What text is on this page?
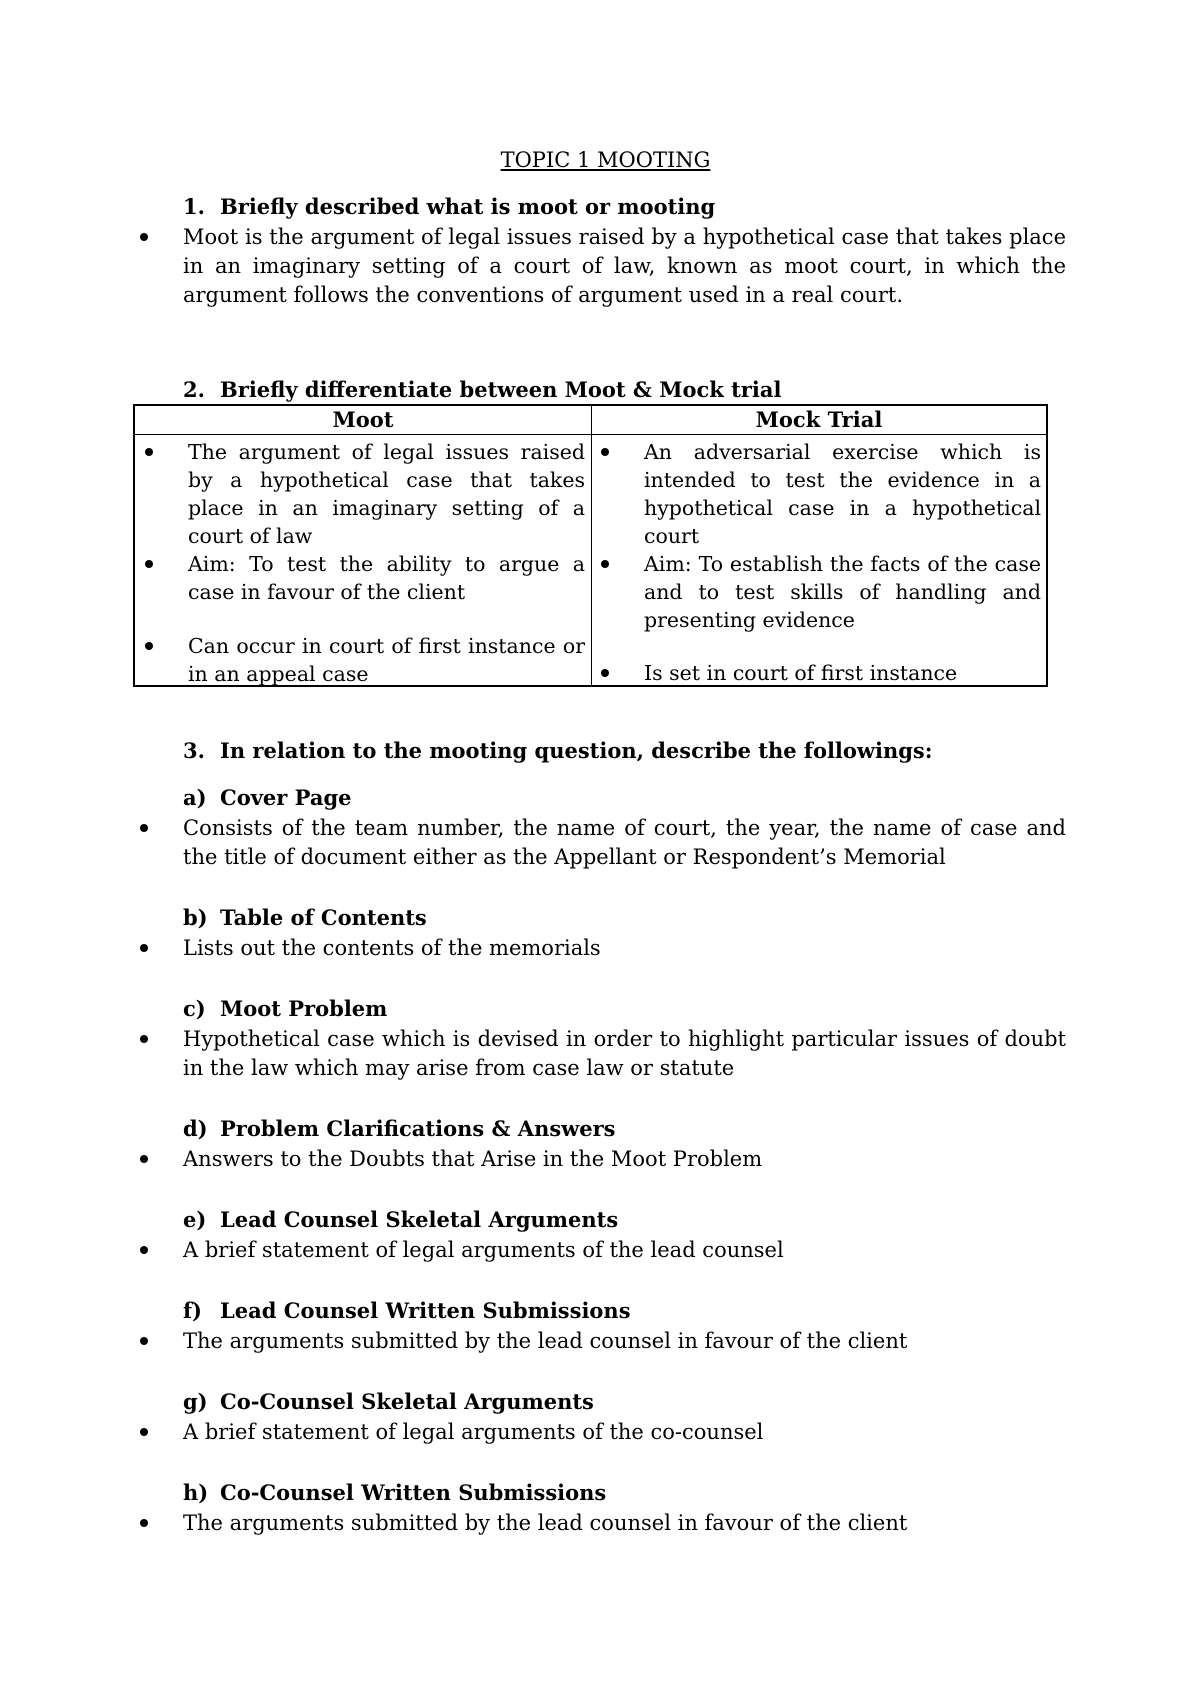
TOPIC 1 MOOTING
1. Briefly described what is moot or mooting
Moot is the argument of legal issues raised by a hypothetical case that takes place in an imaginary setting of a court of law, known as moot court, in which the argument follows the conventions of argument used in a real court.
2. Briefly differentiate between Moot & Mock trial
Moot	Mock Trial
The argument of legal issues raised by a hypothetical case that takes place in an imaginary setting of a court of law
Aim: To test the ability to argue a case in favour of the client
Can occur in court of first instance or in an appeal case
An adversarial exercise which is intended to test the evidence in a hypothetical case in a hypothetical court
Aim: To establish the facts of the case and to test skills of handling and presenting evidence
Is set in court of first instance
3. In relation to the mooting question, describe the followings:
a) Cover Page
Consists of the team number, the name of court, the year, the name of case and the title of document either as the Appellant or Respondent’s Memorial
b) Table of Contents
Lists out the contents of the memorials
c) Moot Problem
Hypothetical case which is devised in order to highlight particular issues of doubt in the law which may arise from case law or statute
d) Problem Clarifications & Answers
Answers to the Doubts that Arise in the Moot Problem
e) Lead Counsel Skeletal Arguments
A brief statement of legal arguments of the lead counsel
f) Lead Counsel Written Submissions
The arguments submitted by the lead counsel in favour of the client
g) Co-Counsel Skeletal Arguments
A brief statement of legal arguments of the co-counsel
h) Co-Counsel Written Submissions
The arguments submitted by the lead counsel in favour of the client
